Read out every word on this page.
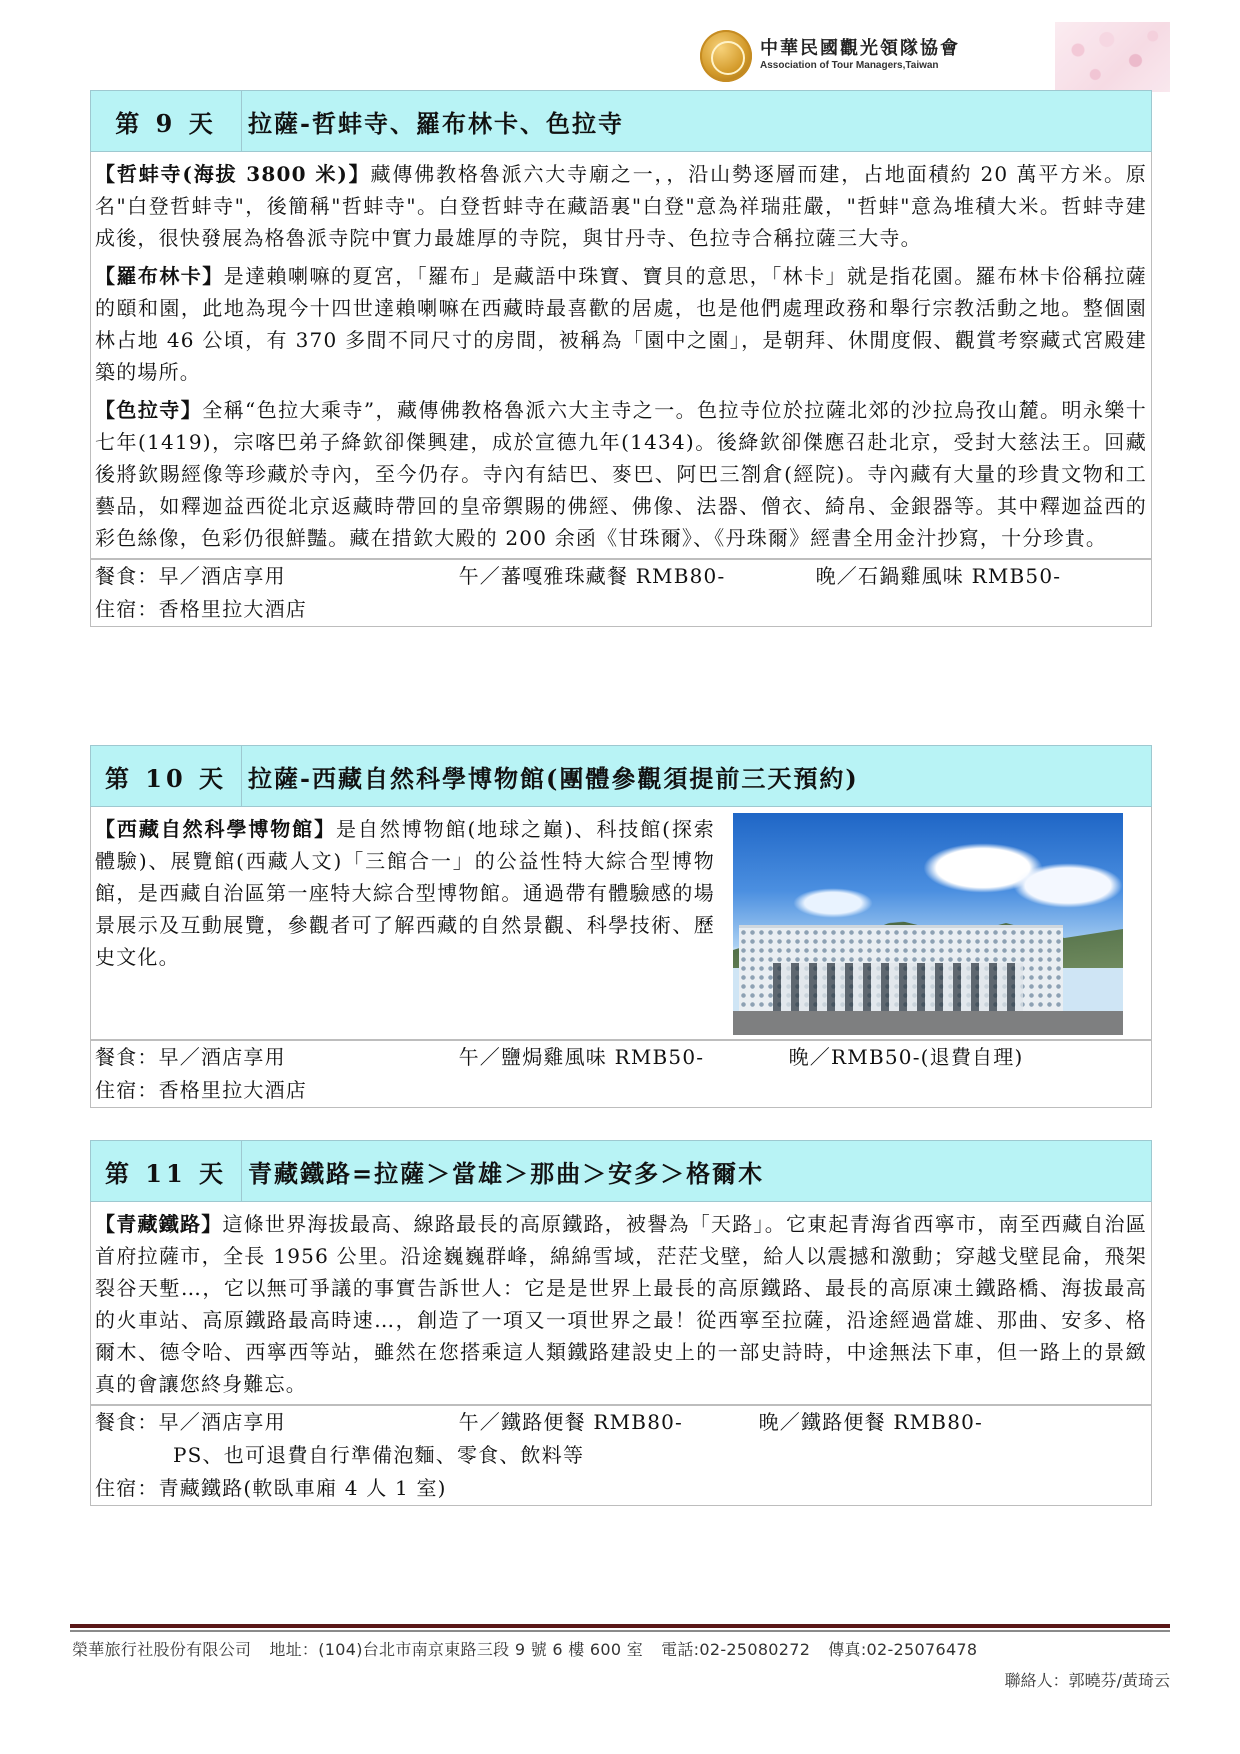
中華民國觀光領隊協會
Association of Tour Managers,Taiwan
第 9 天	拉薩-哲蚌寺、羅布林卡、色拉寺

【哲蚌寺(海拔 3800 米)】藏傳佛教格魯派六大寺廟之一，，沿山勢逐層而建，占地面積約 20 萬平方米。原名"白登哲蚌寺"，後簡稱"哲蚌寺"。白登哲蚌寺在藏語裏"白登"意為祥瑞莊嚴，"哲蚌"意為堆積大米。哲蚌寺建成後，很快發展為格魯派寺院中實力最雄厚的寺院，與甘丹寺、色拉寺合稱拉薩三大寺。

【羅布林卡】是達賴喇嘛的夏宮，「羅布」是藏語中珠寶、寶貝的意思，「林卡」就是指花園。羅布林卡俗稱拉薩的頤和園，此地為現今十四世達賴喇嘛在西藏時最喜歡的居處，也是他們處理政務和舉行宗教活動之地。整個園林占地 46 公頃，有 370 多間不同尺寸的房間，被稱為「園中之園」，是朝拜、休閒度假、觀賞考察藏式宮殿建築的場所。

【色拉寺】全稱“色拉大乘寺”，藏傳佛教格魯派六大主寺之一。色拉寺位於拉薩北郊的沙拉烏孜山麓。明永樂十七年(1419)，宗喀巴弟子絳欽卻傑興建，成於宣德九年(1434)。後絳欽卻傑應召赴北京，受封大慈法王。回藏後將欽賜經像等珍藏於寺內，至今仍存。寺內有結巴、麥巴、阿巴三劄倉(經院)。寺內藏有大量的珍貴文物和工藝品，如釋迦益西從北京返藏時帶回的皇帝禦賜的佛經、佛像、法器、僧衣、綺帛、金銀器等。其中釋迦益西的彩色絲像，色彩仍很鮮豔。藏在措欽大殿的 200 余函《甘珠爾》、《丹珠爾》經書全用金汁抄寫，十分珍貴。

餐食：早／酒店享用	午／蕃嘎雅珠藏餐 RMB80-	晚／石鍋雞風味 RMB50-
住宿：香格里拉大酒店
第 10 天 拉薩-西藏自然科學博物館(團體參觀須提前三天預約)

【西藏自然科學博物館】是自然博物館(地球之巔)、科技館(探索體驗)、展覽館(西藏人文)「三館合一」的公益性特大綜合型博物館，是西藏自治區第一座特大綜合型博物館。通過帶有體驗感的場景展示及互動展覽，參觀者可了解西藏的自然景觀、科學技術、歷史文化。

餐食：早／酒店享用	午／鹽焗雞風味 RMB50-	晚／RMB50-(退費自理)
住宿：香格里拉大酒店
第 11 天 青藏鐵路=拉薩＞當雄＞那曲＞安多＞格爾木

【青藏鐵路】這條世界海拔最高、線路最長的高原鐵路，被譽為「天路」。它東起青海省西寧市，南至西藏自治區首府拉薩市，全長 1956 公里。沿途巍巍群峰，綿綿雪域，茫茫戈壁，給人以震撼和激動；穿越戈壁昆侖，飛架裂谷天塹…，它以無可爭議的事實告訴世人：它是是世界上最長的高原鐵路、最長的高原凍土鐵路橋、海拔最高的火車站、高原鐵路最高時速…，創造了一項又一項世界之最！從西寧至拉薩，沿途經過當雄、那曲、安多、格爾木、德令哈、西寧西等站，雖然在您搭乘這人類鐵路建設史上的一部史詩時，中途無法下車，但一路上的景緻真的會讓您終身難忘。

餐食：早／酒店享用	午／鐵路便餐 RMB80-	晚／鐵路便餐 RMB80-
PS、也可退費自行準備泡麵、零食、飲料等
住宿：青藏鐵路(軟臥車廂 4 人 1 室)
榮華旅行社股份有限公司 地址：(104)台北市南京東路三段 9 號 6 樓 600 室 電話:02-25080272 傳真:02-25076478
聯絡人：郭曉芬/黃琦云
